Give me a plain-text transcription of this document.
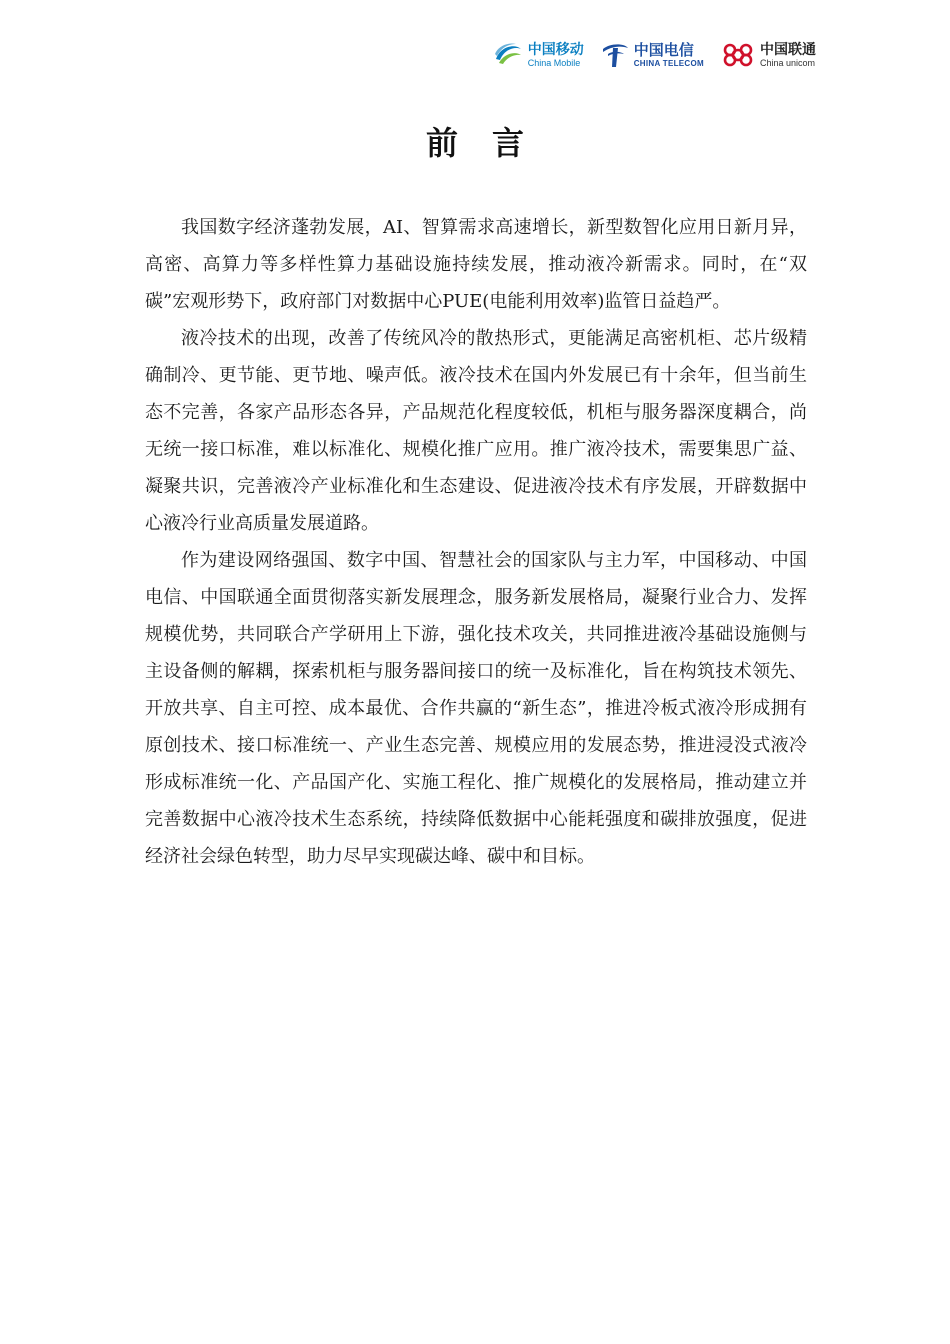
中国移动
China Mobile
中国电信
CHINA TELECOM
中国联通
China unicom
前言

我国数字经济蓬勃发展，AI、智算需求高速增长，新型数智化应用日新月异，高密、高算力等多样性算力基础设施持续发展，推动液冷新需求。同时，在“双碳”宏观形势下，政府部门对数据中心PUE(电能利用效率)监管日益趋严。

液冷技术的出现，改善了传统风冷的散热形式，更能满足高密机柜、芯片级精确制冷、更节能、更节地、噪声低。液冷技术在国内外发展已有十余年，但当前生态不完善，各家产品形态各异，产品规范化程度较低，机柜与服务器深度耦合，尚无统一接口标准，难以标准化、规模化推广应用。推广液冷技术，需要集思广益、凝聚共识，完善液冷产业标准化和生态建设、促进液冷技术有序发展，开辟数据中心液冷行业高质量发展道路。

作为建设网络强国、数字中国、智慧社会的国家队与主力军，中国移动、中国电信、中国联通全面贯彻落实新发展理念，服务新发展格局，凝聚行业合力、发挥规模优势，共同联合产学研用上下游，强化技术攻关，共同推进液冷基础设施侧与主设备侧的解耦，探索机柜与服务器间接口的统一及标准化，旨在构筑技术领先、开放共享、自主可控、成本最优、合作共赢的“新生态”，推进冷板式液冷形成拥有原创技术、接口标准统一、产业生态完善、规模应用的发展态势，推进浸没式液冷形成标准统一化、产品国产化、实施工程化、推广规模化的发展格局，推动建立并完善数据中心液冷技术生态系统，持续降低数据中心能耗强度和碳排放强度，促进经济社会绿色转型，助力尽早实现碳达峰、碳中和目标。
